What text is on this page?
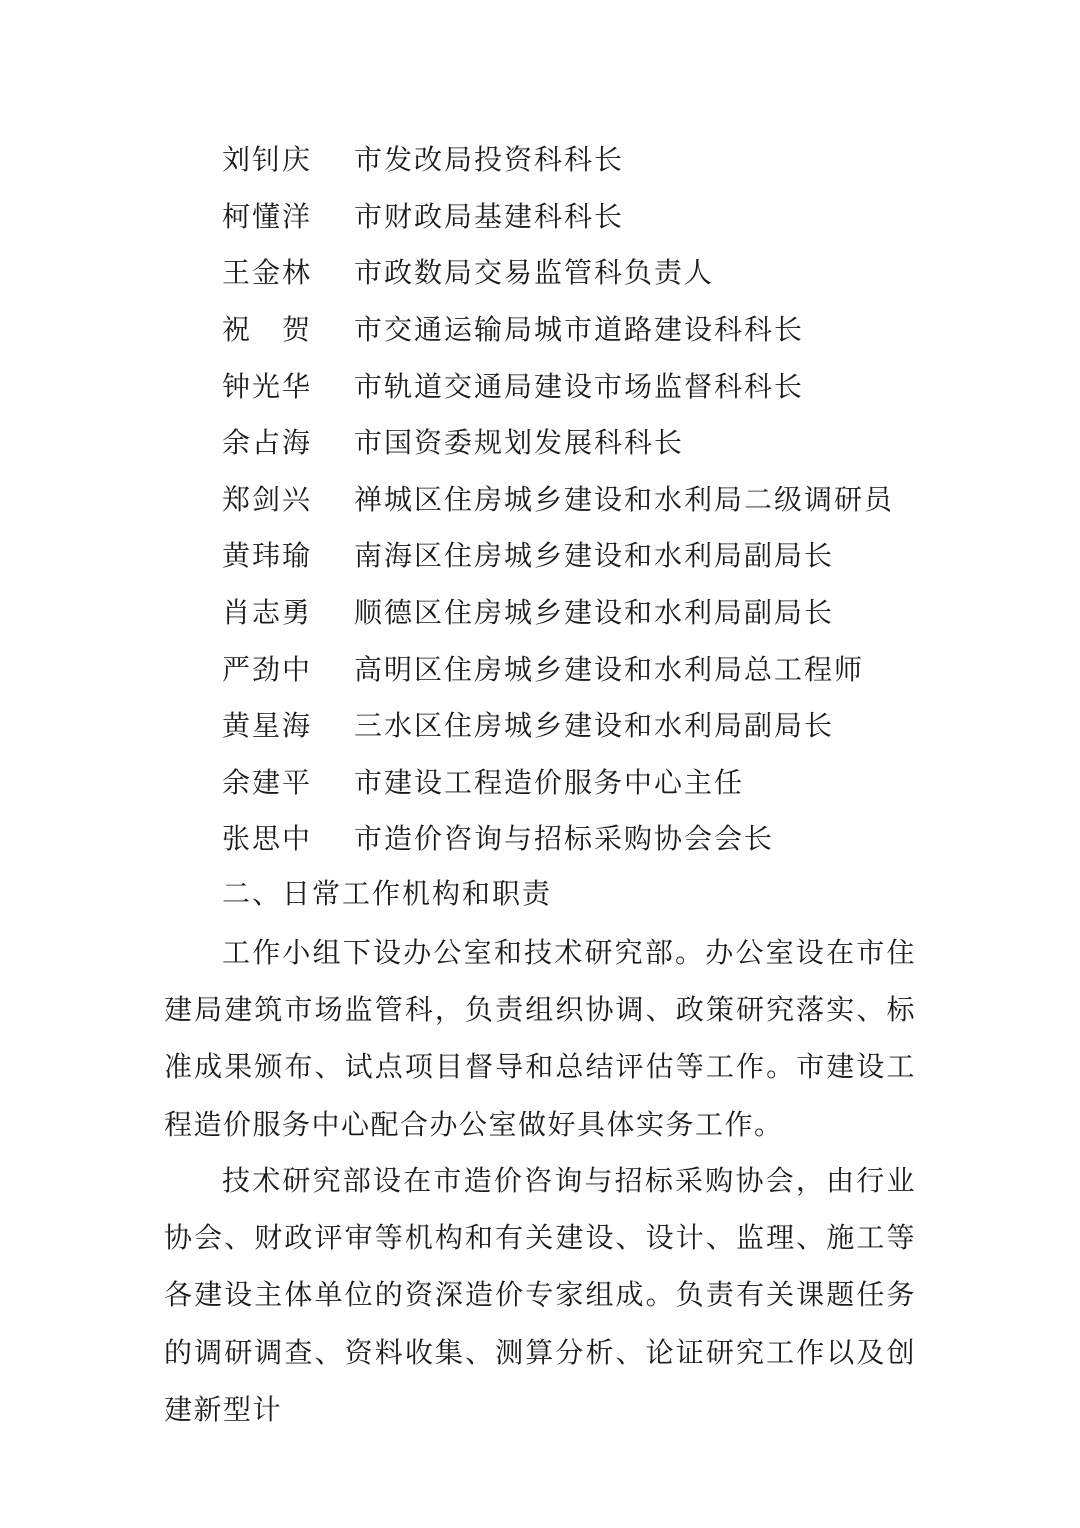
刘钊庆	市发改局投资科科长
柯懂洋	市财政局基建科科长
王金林	市政数局交易监管科负责人
祝　贺	市交通运输局城市道路建设科科长
钟光华	市轨道交通局建设市场监督科科长
余占海	市国资委规划发展科科长
郑剑兴	禅城区住房城乡建设和水利局二级调研员
黄玮瑜	南海区住房城乡建设和水利局副局长
肖志勇	顺德区住房城乡建设和水利局副局长
严劲中	高明区住房城乡建设和水利局总工程师
黄星海	三水区住房城乡建设和水利局副局长
余建平	市建设工程造价服务中心主任
张思中	市造价咨询与招标采购协会会长
二、日常工作机构和职责

工作小组下设办公室和技术研究部。办公室设在市住建局建筑市场监管科，负责组织协调、政策研究落实、标准成果颁布、试点项目督导和总结评估等工作。市建设工程造价服务中心配合办公室做好具体实务工作。

技术研究部设在市造价咨询与招标采购协会，由行业协会、财政评审等机构和有关建设、设计、监理、施工等各建设主体单位的资深造价专家组成。负责有关课题任务的调研调查、资料收集、测算分析、论证研究工作以及创建新型计
